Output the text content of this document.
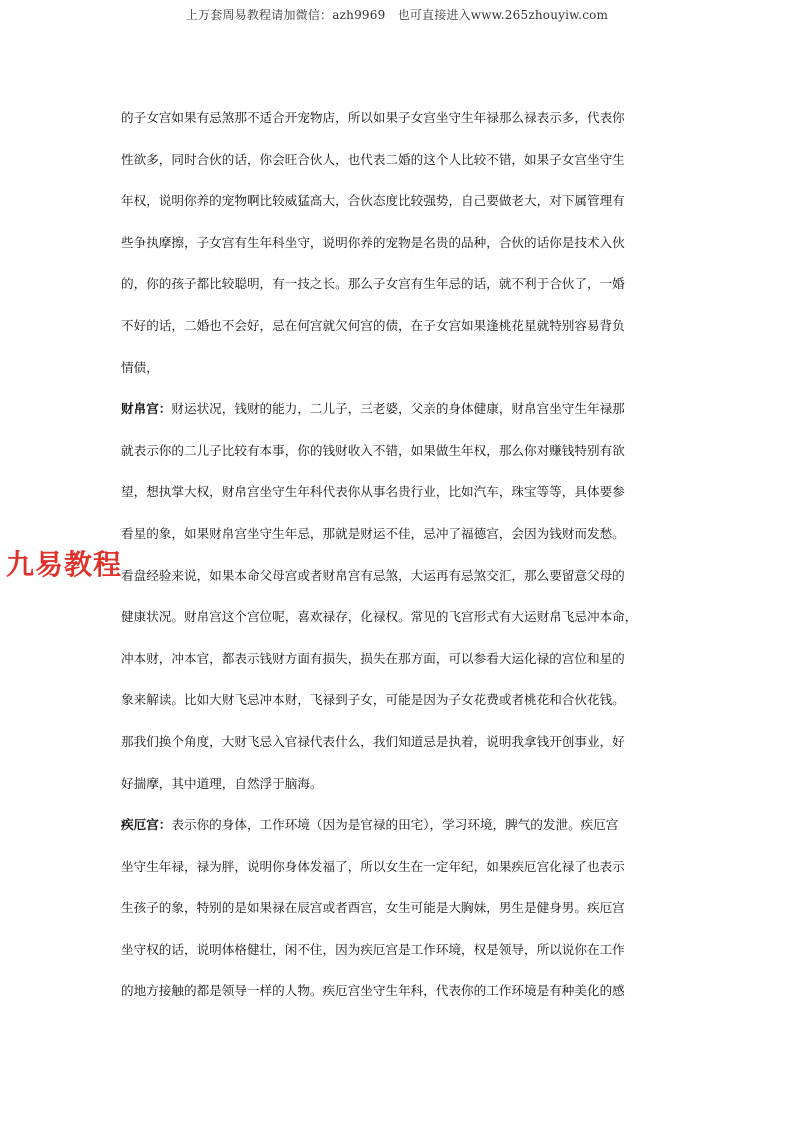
上万套周易教程请加微信：azh9969　也可直接进入www.265zhouyiw.com
九易教程
的子女宫如果有忌煞那不适合开宠物店，所以如果子女宫坐守生年禄那么禄表示多，代表你
性欲多，同时合伙的话，你会旺合伙人，也代表二婚的这个人比较不错，如果子女宫坐守生
年权，说明你养的宠物啊比较威猛高大，合伙态度比较强势，自己要做老大，对下属管理有
些争执摩擦，子女宫有生年科坐守，说明你养的宠物是名贵的品种，合伙的话你是技术入伙
的，你的孩子都比较聪明，有一技之长。那么子女宫有生年忌的话，就不利于合伙了，一婚
不好的话，二婚也不会好，忌在何宫就欠何宫的债，在子女宫如果逢桃花星就特别容易背负
情债，
财帛宫：财运状况，钱财的能力，二儿子，三老婆，父亲的身体健康，财帛宫坐守生年禄那
就表示你的二儿子比较有本事，你的钱财收入不错，如果做生年权，那么你对赚钱特别有欲
望，想执掌大权，财帛宫坐守生年科代表你从事名贵行业，比如汽车，珠宝等等，具体要参
看星的象，如果财帛宫坐守生年忌，那就是财运不佳，忌冲了福德宫，会因为钱财而发愁。
看盘经验来说，如果本命父母宫或者财帛宫有忌煞，大运再有忌煞交汇，那么要留意父母的
健康状况。财帛宫这个宫位呢，喜欢禄存，化禄权。常见的飞宫形式有大运财帛飞忌冲本命，
冲本财，冲本官，都表示钱财方面有损失，损失在那方面，可以参看大运化禄的宫位和星的
象来解读。比如大财飞忌冲本财，飞禄到子女，可能是因为子女花费或者桃花和合伙花钱。
那我们换个角度，大财飞忌入官禄代表什么，我们知道忌是执着，说明我拿钱开创事业，好
好揣摩，其中道理，自然浮于脑海。
疾厄宫：表示你的身体，工作环境（因为是官禄的田宅），学习环境，脾气的发泄。疾厄宫
坐守生年禄，禄为胖，说明你身体发福了，所以女生在一定年纪，如果疾厄宫化禄了也表示
生孩子的象，特别的是如果禄在辰宫或者酉宫，女生可能是大胸妹，男生是健身男。疾厄宫
坐守权的话，说明体格健壮，闲不住，因为疾厄宫是工作环境，权是领导，所以说你在工作
的地方接触的都是领导一样的人物。疾厄宫坐守生年科，代表你的工作环境是有种美化的感
